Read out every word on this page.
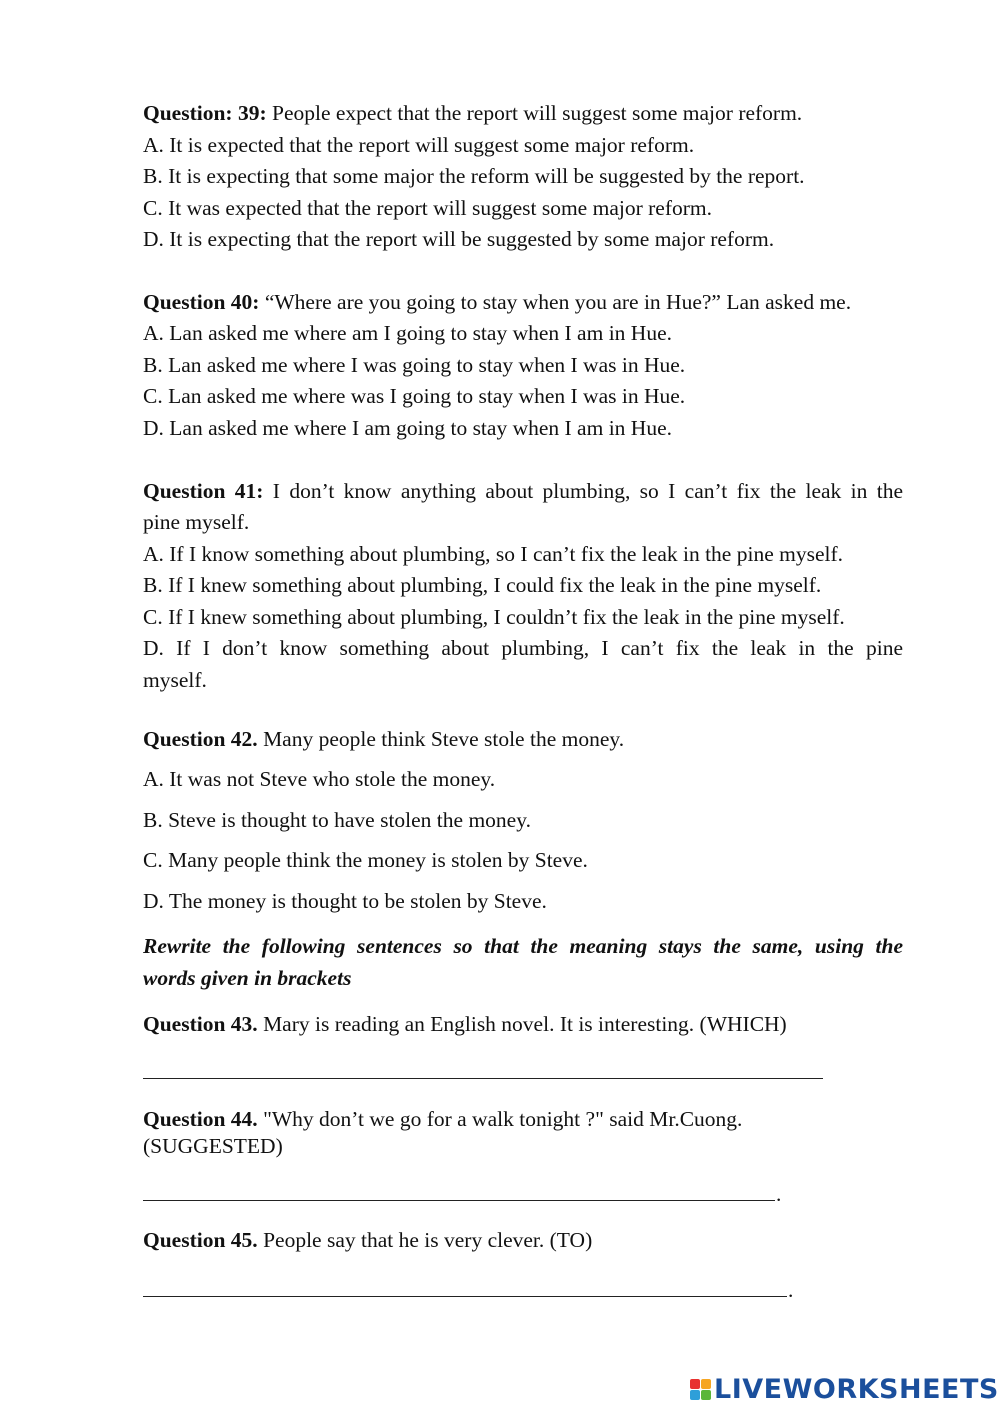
Question: 39: People expect that the report will suggest some major reform.
A. It is expected that the report will suggest some major reform.
B. It is expecting that some major the reform will be suggested by the report.
C. It was expected that the report will suggest some major reform.
D. It is expecting that the report will be suggested by some major reform.
Question 40: “Where are you going to stay when you are in Hue?” Lan asked me.
A. Lan asked me where am I going to stay when I am in Hue.
B. Lan asked me where I was going to stay when I was in Hue.
C. Lan asked me where was I going to stay when I was in Hue.
D. Lan asked me where I am going to stay when I am in Hue.
Question 41: I don’t know anything about plumbing, so I can’t fix the leak in the
pine myself.
A. If I know something about plumbing, so I can’t fix the leak in the pine myself.
B. If I knew something about plumbing, I could fix the leak in the pine myself.
C. If I knew something about plumbing, I couldn’t fix the leak in the pine myself.
D. If I don’t know something about plumbing, I can’t fix the leak in the pine
myself.
Question 42. Many people think Steve stole the money.
A. It was not Steve who stole the money.
B. Steve is thought to have stolen the money.
C. Many people think the money is stolen by Steve.
D. The money is thought to be stolen by Steve.
Rewrite the following sentences so that the meaning stays the same, using the
words given in brackets
Question 43. Mary is reading an English novel. It is interesting. (WHICH)
Question 44. "Why don’t we go for a walk tonight ?" said Mr.Cuong.
(SUGGESTED)
.
Question 45. People say that he is very clever. (TO)
.
LIVEWORKSHEETS
